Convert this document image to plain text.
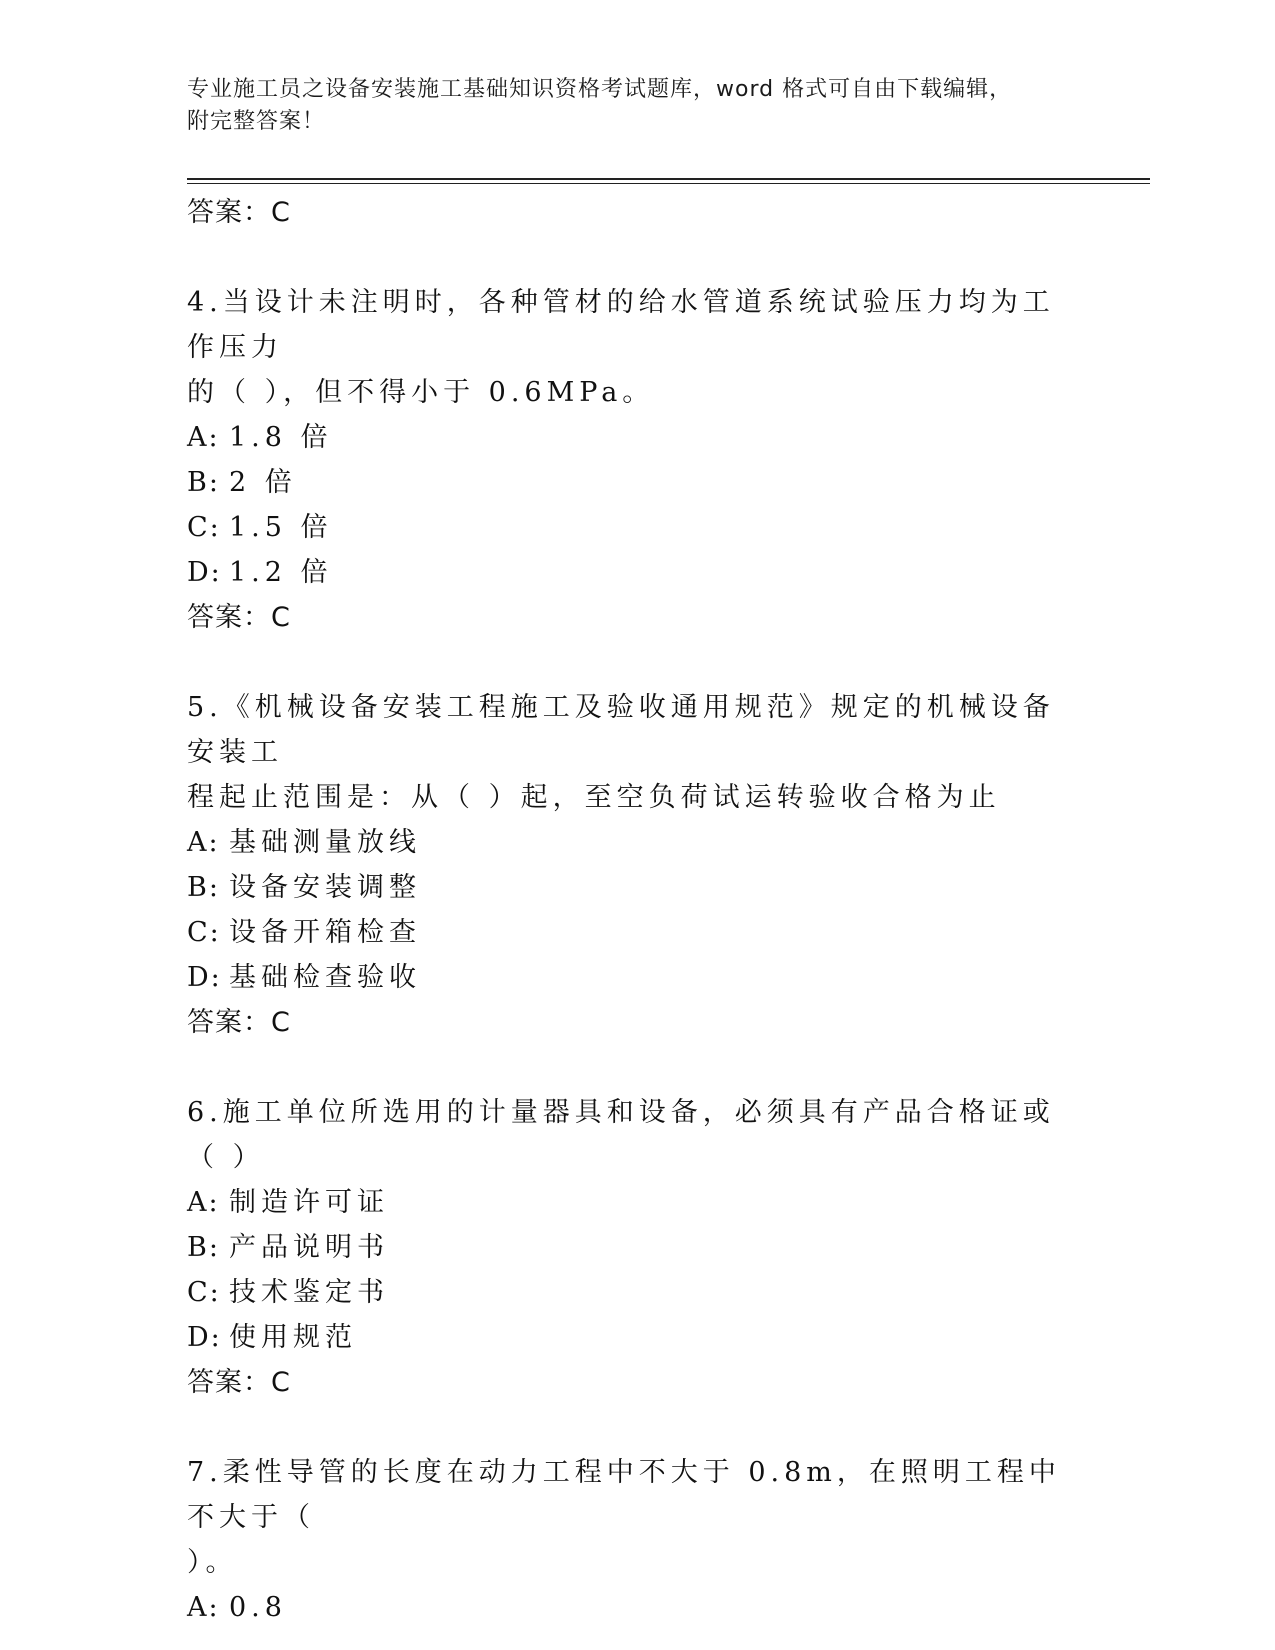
专业施工员之设备安装施工基础知识资格考试题库，word 格式可自由下载编辑，
附完整答案！
答案：C
4.当设计未注明时，各种管材的给水管道系统试验压力均为工作压力
的（ ），但不得小于 0.6MPa。
A: 1.8 倍
B: 2 倍
C: 1.5 倍
D: 1.2 倍
答案：C
5.《机械设备安装工程施工及验收通用规范》规定的机械设备安装工
程起止范围是：从（ ）起，至空负荷试运转验收合格为止
A: 基础测量放线
B: 设备安装调整
C: 设备开箱检查
D: 基础检查验收
答案：C
6.施工单位所选用的计量器具和设备，必须具有产品合格证或（ ）
A: 制造许可证
B: 产品说明书
C: 技术鉴定书
D: 使用规范
答案：C
7.柔性导管的长度在动力工程中不大于 0.8m，在照明工程中不大于（
）。
A: 0.8
